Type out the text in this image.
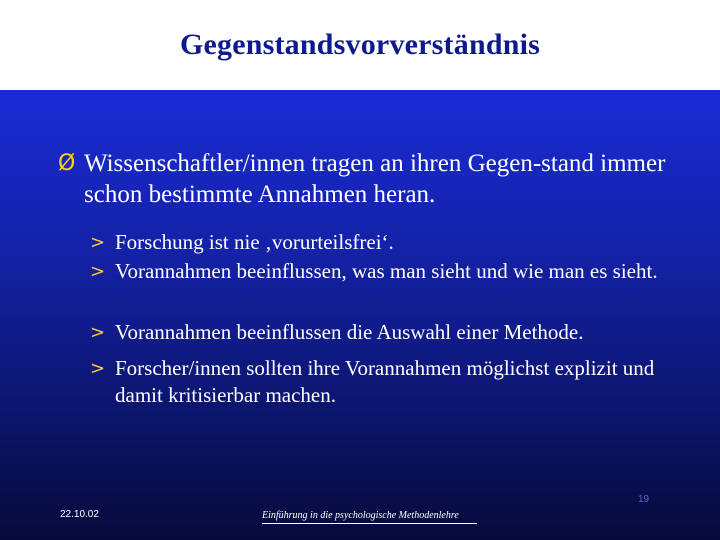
Gegenstandsvorverständnis
Ø Wissenschaftler/innen tragen an ihren Gegen-stand immer schon bestimmte Annahmen heran.
> Forschung ist nie ‚vorurteilsfrei‘.
> Vorannahmen beeinflussen, was man sieht und wie man es sieht.
> Vorannahmen beeinflussen die Auswahl einer Methode.
> Forscher/innen sollten ihre Vorannahmen möglichst explizit und damit kritisierbar machen.
19
22.10.02	Einführung in die psychologische Methodenlehre
